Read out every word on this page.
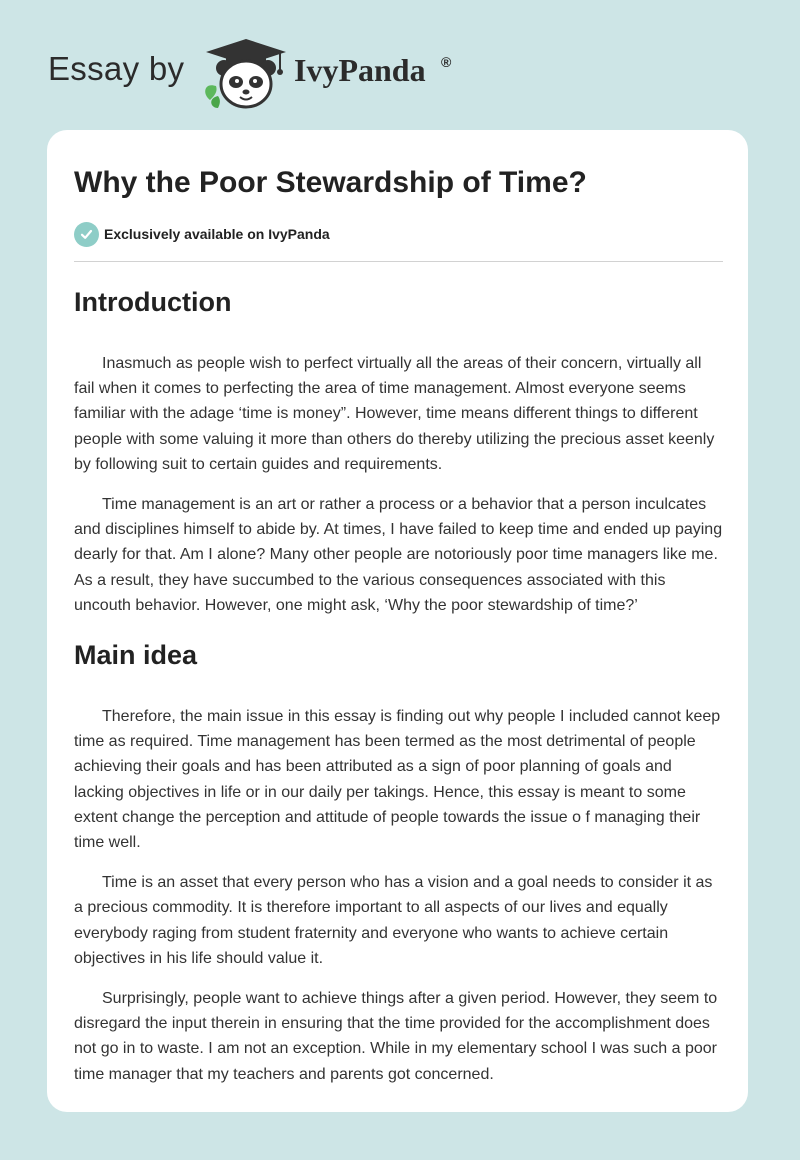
Essay by	IvyPanda ®
Why the Poor Stewardship of Time?
Exclusively available on IvyPanda
Introduction

Inasmuch as people wish to perfect virtually all the areas of their concern, virtually all fail when it comes to perfecting the area of time management. Almost everyone seems familiar with the adage ‘time is money”. However, time means different things to different people with some valuing it more than others do thereby utilizing the precious asset keenly by following suit to certain guides and requirements.

Time management is an art or rather a process or a behavior that a person inculcates and disciplines himself to abide by. At times, I have failed to keep time and ended up paying dearly for that. Am I alone? Many other people are notoriously poor time managers like me. As a result, they have succumbed to the various consequences associated with this uncouth behavior. However, one might ask, ‘Why the poor stewardship of time?’

Main idea

Therefore, the main issue in this essay is finding out why people I included cannot keep time as required. Time management has been termed as the most detrimental of people achieving their goals and has been attributed as a sign of poor planning of goals and lacking objectives in life or in our daily per takings. Hence, this essay is meant to some extent change the perception and attitude of people towards the issue o f managing their time well.

Time is an asset that every person who has a vision and a goal needs to consider it as a precious commodity. It is therefore important to all aspects of our lives and equally everybody raging from student fraternity and everyone who wants to achieve certain objectives in his life should value it.

Surprisingly, people want to achieve things after a given period. However, they seem to disregard the input therein in ensuring that the time provided for the accomplishment does not go in to waste. I am not an exception. While in my elementary school I was such a poor time manager that my teachers and parents got concerned.
